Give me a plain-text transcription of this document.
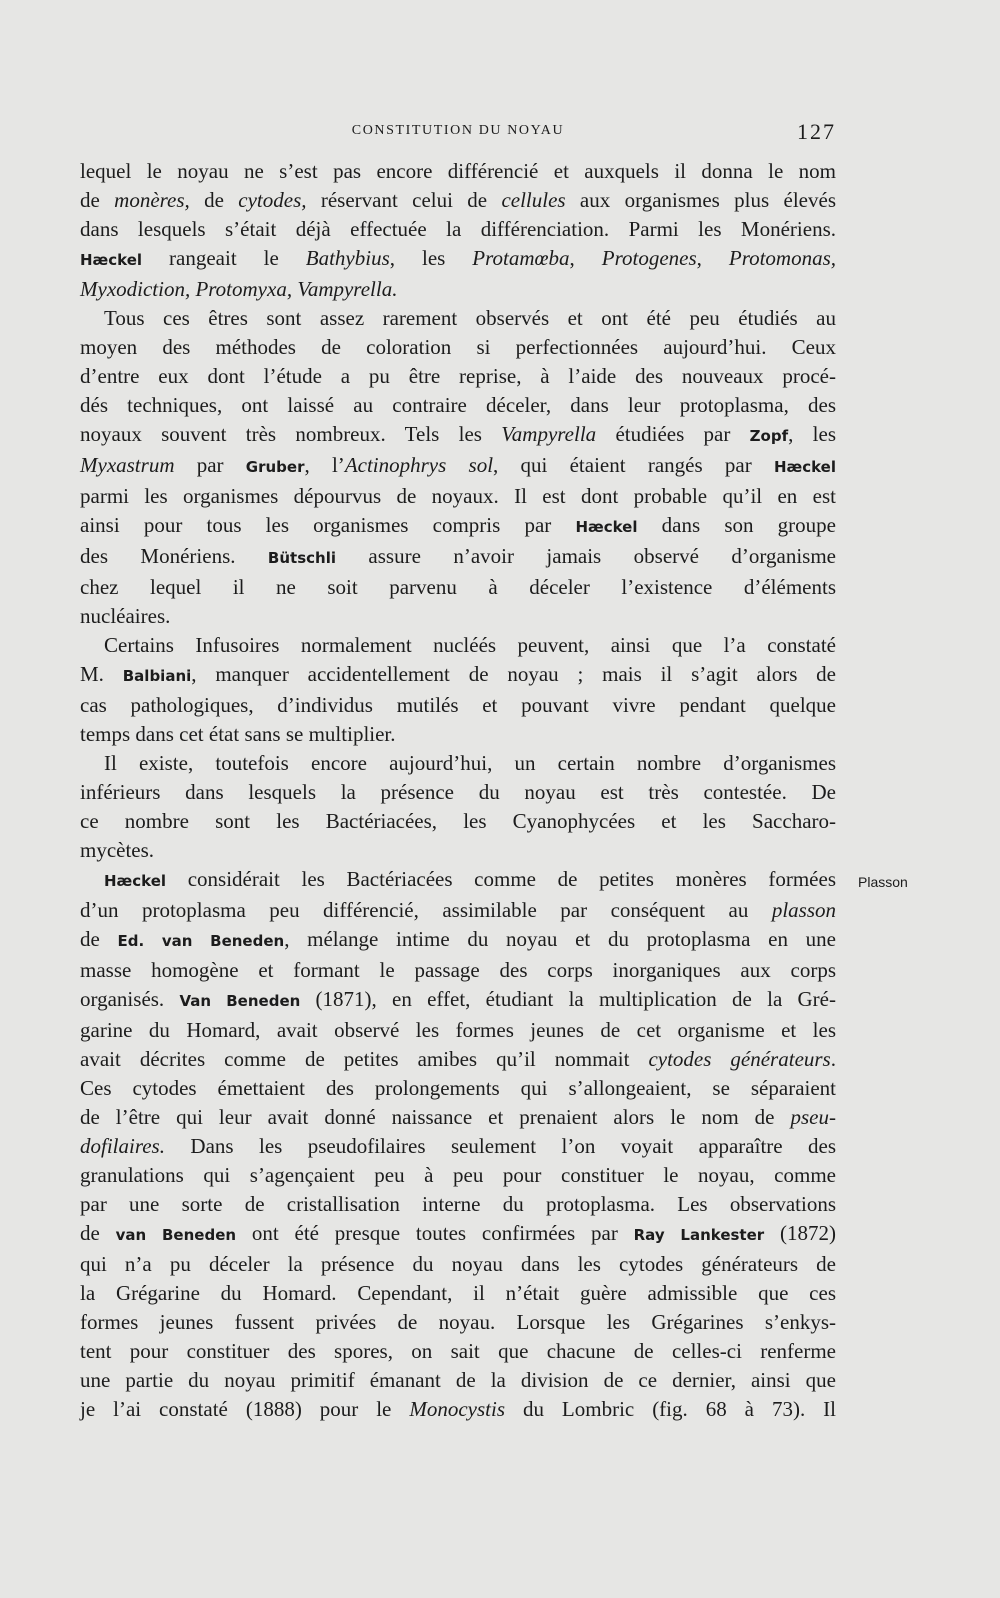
CONSTITUTION DU NOYAU	127
Plasson
lequel le noyau ne s’est pas encore différencié et auxquels il donna le nom
de monères, de cytodes, réservant celui de cellules aux organismes plus élevés
dans lesquels s’était déjà effectuée la différenciation. Parmi les Monériens.
Hæckel rangeait le Bathybius, les Protamœba, Protogenes, Protomonas,
Myxodiction, Protomyxa, Vampyrella.
Tous ces êtres sont assez rarement observés et ont été peu étudiés au
moyen des méthodes de coloration si perfectionnées aujourd’hui. Ceux
d’entre eux dont l’étude a pu être reprise, à l’aide des nouveaux procé-
dés techniques, ont laissé au contraire déceler, dans leur protoplasma, des
noyaux souvent très nombreux. Tels les Vampyrella étudiées par Zopf, les
Myxastrum par Gruber, l’Actinophrys sol, qui étaient rangés par Hæckel
parmi les organismes dépourvus de noyaux. Il est dont probable qu’il en est
ainsi pour tous les organismes compris par Hæckel dans son groupe
des Monériens. Bütschli assure n’avoir jamais observé d’organisme
chez lequel il ne soit parvenu à déceler l’existence d’éléments
nucléaires.
Certains Infusoires normalement nucléés peuvent, ainsi que l’a constaté
M. Balbiani, manquer accidentellement de noyau ; mais il s’agit alors de
cas pathologiques, d’individus mutilés et pouvant vivre pendant quelque
temps dans cet état sans se multiplier.
Il existe, toutefois encore aujourd’hui, un certain nombre d’organismes
inférieurs dans lesquels la présence du noyau est très contestée. De
ce nombre sont les Bactériacées, les Cyanophycées et les Saccharo-
mycètes.
Hæckel considérait les Bactériacées comme de petites monères formées
d’un protoplasma peu différencié, assimilable par conséquent au plasson
de Ed. van Beneden, mélange intime du noyau et du protoplasma en une
masse homogène et formant le passage des corps inorganiques aux corps
organisés. Van Beneden (1871), en effet, étudiant la multiplication de la Gré-
garine du Homard, avait observé les formes jeunes de cet organisme et les
avait décrites comme de petites amibes qu’il nommait cytodes générateurs.
Ces cytodes émettaient des prolongements qui s’allongeaient, se séparaient
de l’être qui leur avait donné naissance et prenaient alors le nom de pseu-
dofilaires. Dans les pseudofilaires seulement l’on voyait apparaître des
granulations qui s’agençaient peu à peu pour constituer le noyau, comme
par une sorte de cristallisation interne du protoplasma. Les observations
de van Beneden ont été presque toutes confirmées par Ray Lankester (1872)
qui n’a pu déceler la présence du noyau dans les cytodes générateurs de
la Grégarine du Homard. Cependant, il n’était guère admissible que ces
formes jeunes fussent privées de noyau. Lorsque les Grégarines s’enkys-
tent pour constituer des spores, on sait que chacune de celles-ci renferme
une partie du noyau primitif émanant de la division de ce dernier, ainsi que
je l’ai constaté (1888) pour le Monocystis du Lombric (fig. 68 à 73). Il
